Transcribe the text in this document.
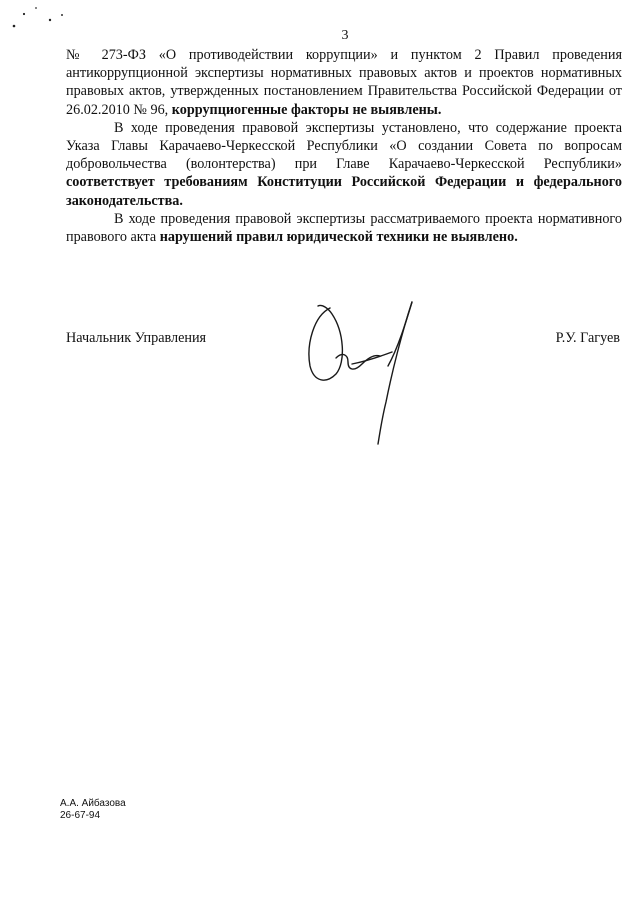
3

№ 273-ФЗ «О противодействии коррупции» и пунктом 2 Правил проведения антикоррупционной экспертизы нормативных правовых актов и проектов нормативных правовых актов, утвержденных постановлением Правительства Российской Федерации от 26.02.2010 № 96, коррупциогенные факторы не выявлены.

В ходе проведения правовой экспертизы установлено, что содержание проекта Указа Главы Карачаево-Черкесской Республики «О создании Совета по вопросам добровольчества (волонтерства) при Главе Карачаево-Черкесской Республики» соответствует требованиям Конституции Российской Федерации и федерального законодательства.

В ходе проведения правовой экспертизы рассматриваемого проекта нормативного правового акта нарушений правил юридической техники не выявлено.

Начальник Управления	Р.У. Гагуев
А.А. Айбазова
26-67-94
